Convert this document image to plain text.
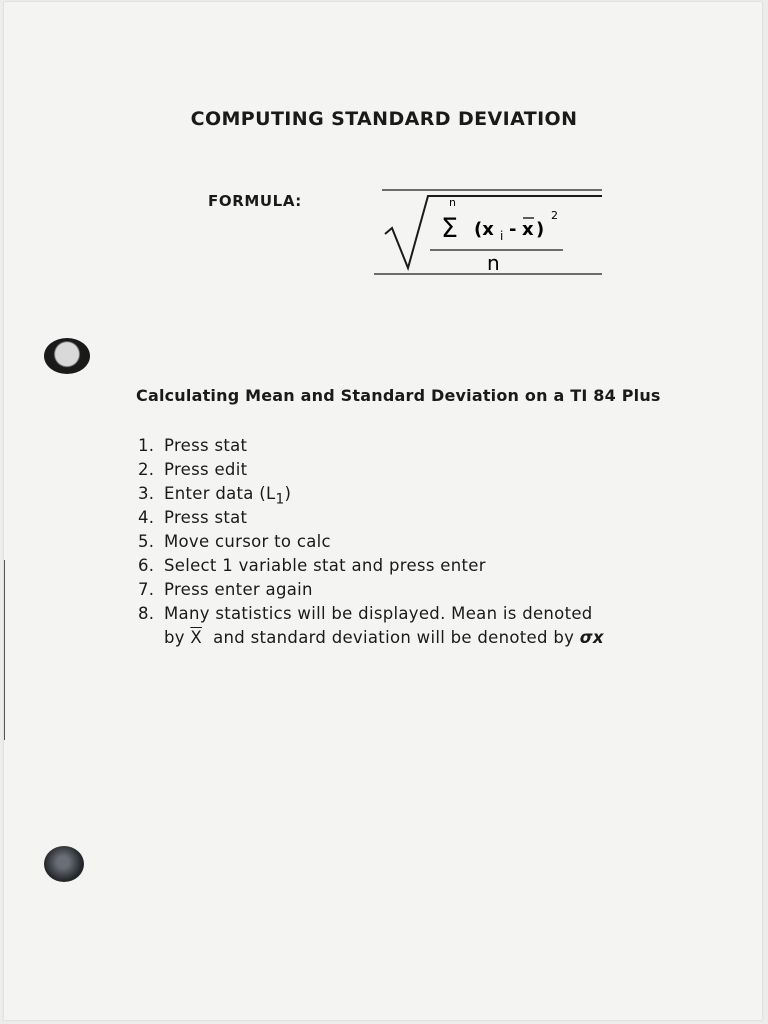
COMPUTING STANDARD DEVIATION
FORMULA:	n
Σ (x i - x )
2
n
Calculating Mean and Standard Deviation on a TI 84 Plus
1. Press stat
2. Press edit
3. Enter data $(L_1)$
4. Press stat
5. Move cursor to calc
6. Select 1 variable stat and press enter
7. Press enter again
8. Many statistics will be displayed. Mean is denoted
by $\overline{X}$ and standard deviation will be denoted by σx
